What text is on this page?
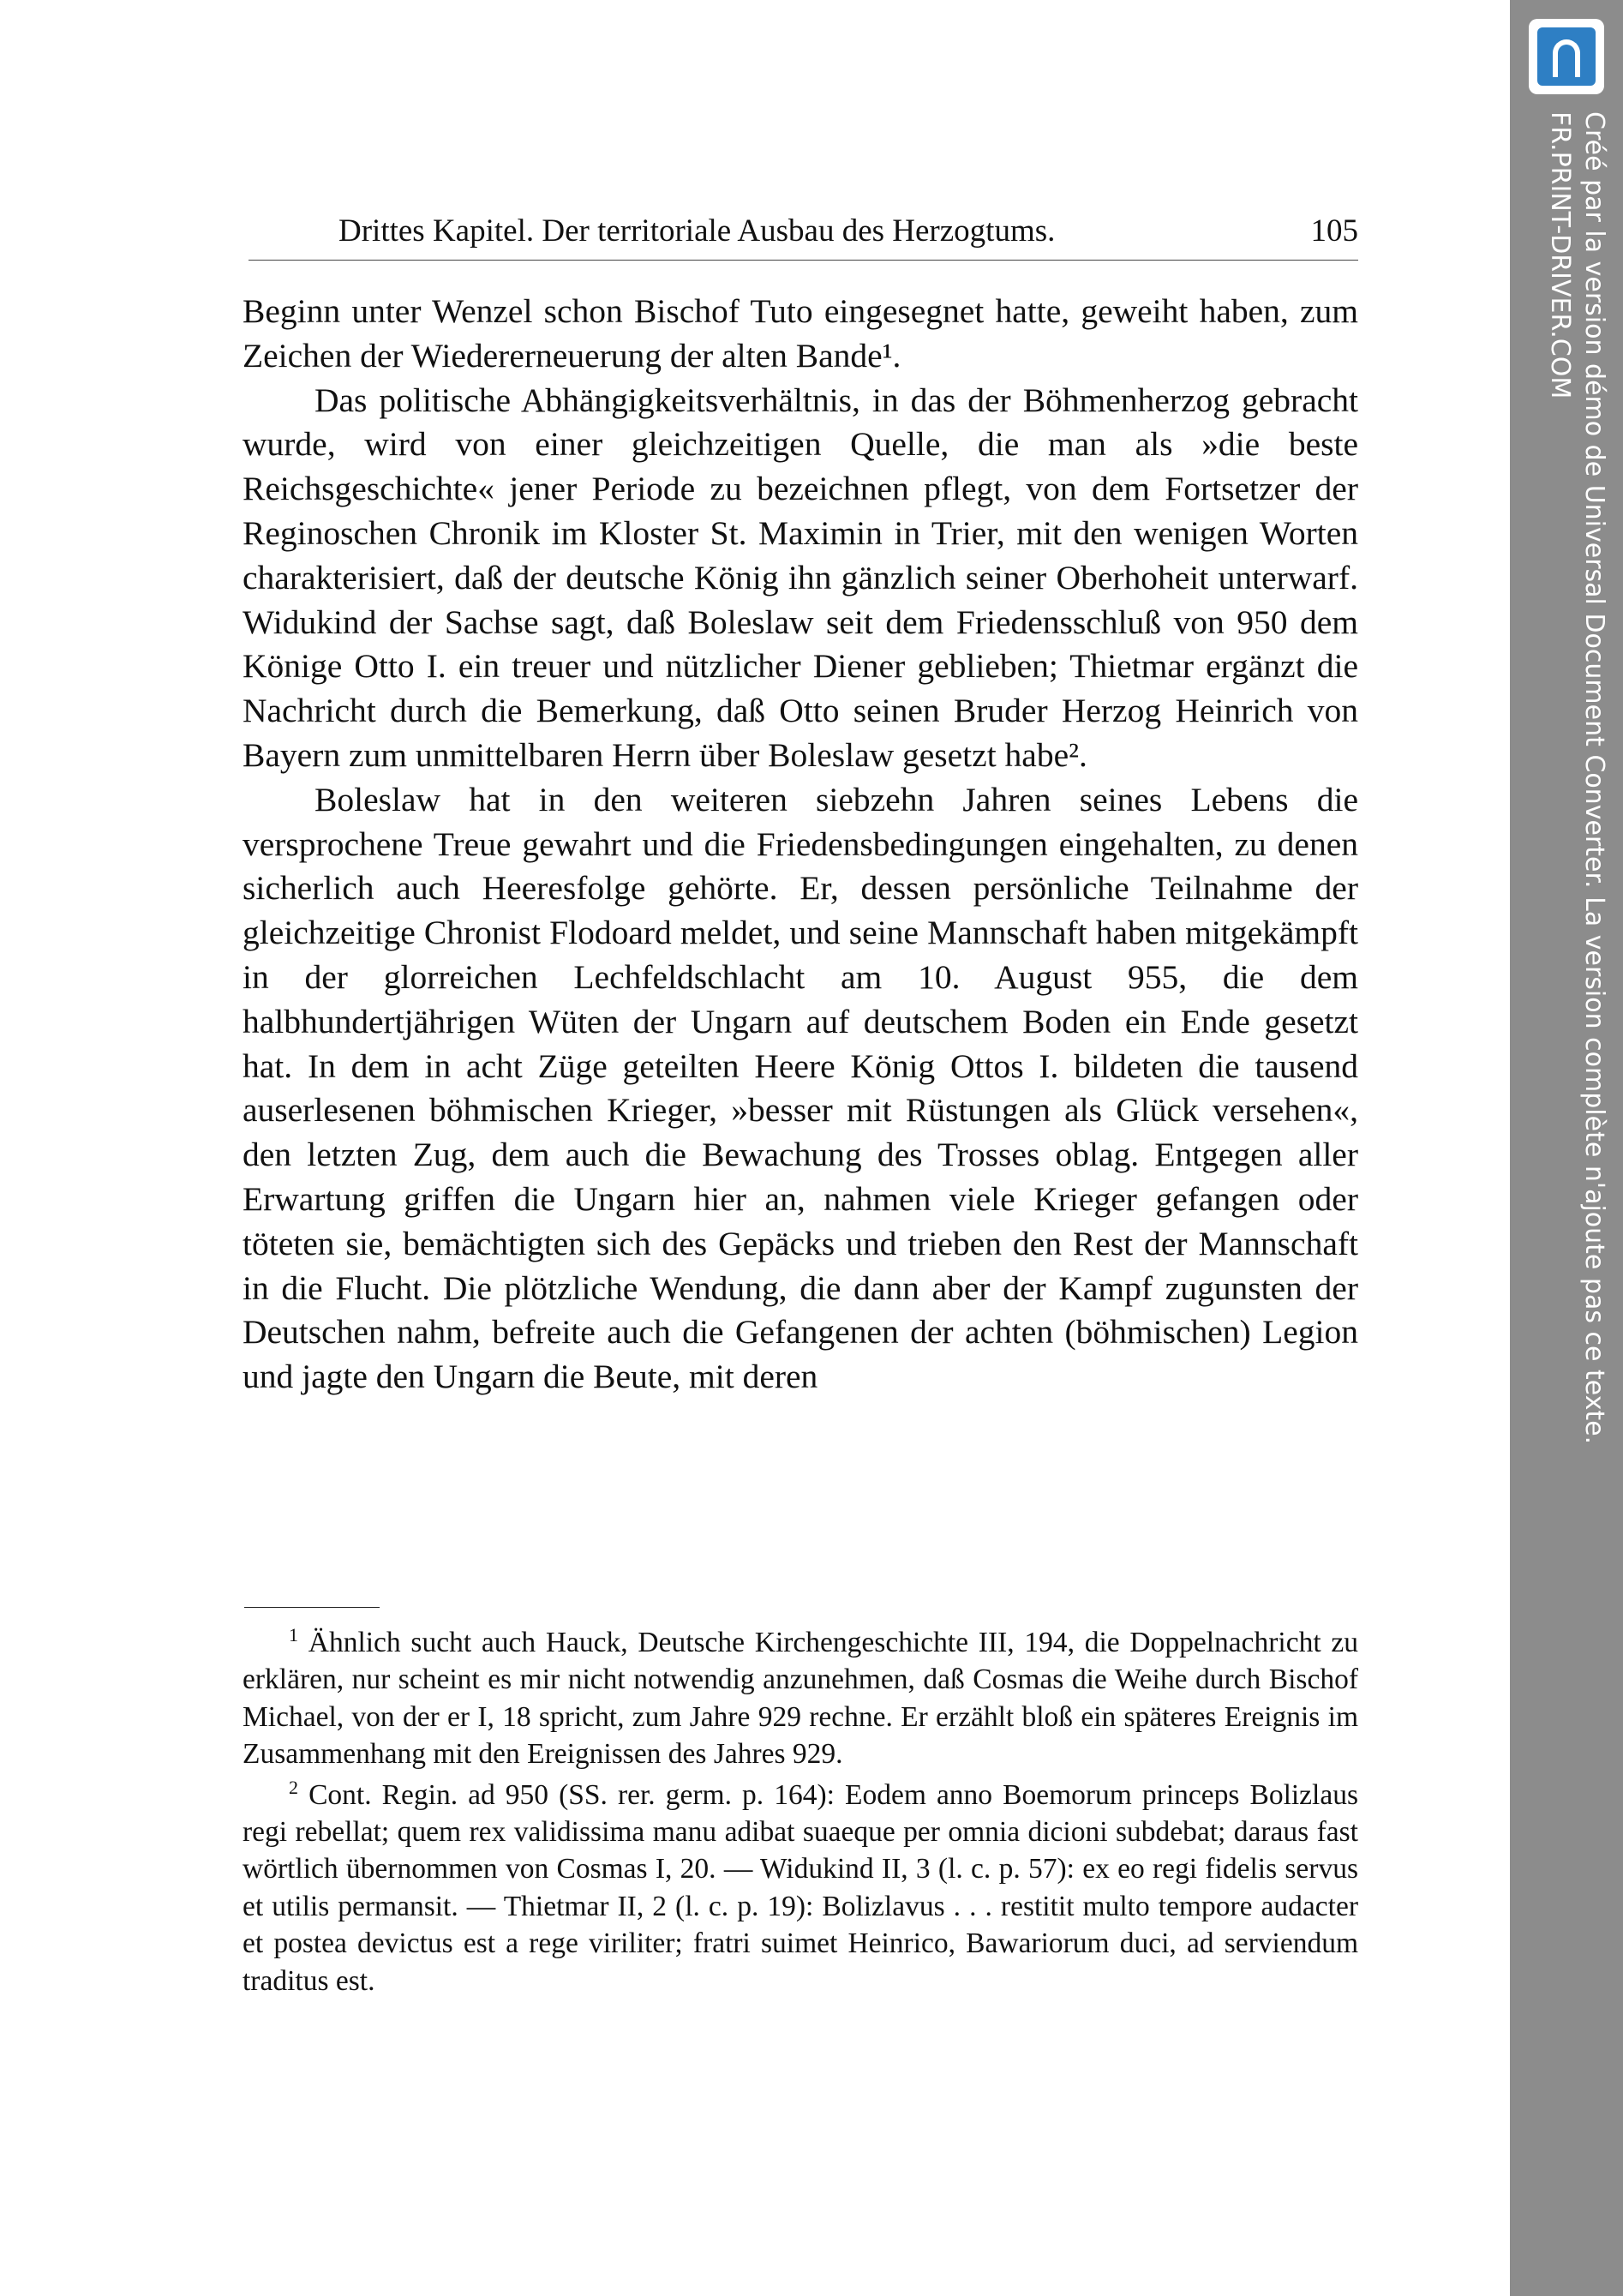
Drittes Kapitel. Der territoriale Ausbau des Herzogtums.	105

Beginn unter Wenzel schon Bischof Tuto eingesegnet hatte, geweiht haben, zum Zeichen der Wiedererneuerung der alten Bande¹.

Das politische Abhängigkeitsverhältnis, in das der Böhmenherzog gebracht wurde, wird von einer gleichzeitigen Quelle, die man als »die beste Reichsgeschichte« jener Periode zu bezeichnen pflegt, von dem Fortsetzer der Reginoschen Chronik im Kloster St. Maximin in Trier, mit den wenigen Worten charakterisiert, daß der deutsche König ihn gänzlich seiner Oberhoheit unterwarf. Widukind der Sachse sagt, daß Boleslaw seit dem Friedensschluß von 950 dem Könige Otto I. ein treuer und nützlicher Diener geblieben; Thietmar ergänzt die Nachricht durch die Bemerkung, daß Otto seinen Bruder Herzog Heinrich von Bayern zum unmittelbaren Herrn über Boleslaw gesetzt habe².

Boleslaw hat in den weiteren siebzehn Jahren seines Lebens die versprochene Treue gewahrt und die Friedensbedingungen eingehalten, zu denen sicherlich auch Heeresfolge gehörte. Er, dessen persönliche Teilnahme der gleichzeitige Chronist Flodoard meldet, und seine Mannschaft haben mitgekämpft in der glorreichen Lechfeldschlacht am 10. August 955, die dem halbhundertjährigen Wüten der Ungarn auf deutschem Boden ein Ende gesetzt hat. In dem in acht Züge geteilten Heere König Ottos I. bildeten die tausend auserlesenen böhmischen Krieger, »besser mit Rüstungen als Glück versehen«, den letzten Zug, dem auch die Bewachung des Trosses oblag. Entgegen aller Erwartung griffen die Ungarn hier an, nahmen viele Krieger gefangen oder töteten sie, bemächtigten sich des Gepäcks und trieben den Rest der Mannschaft in die Flucht. Die plötzliche Wendung, die dann aber der Kampf zugunsten der Deutschen nahm, befreite auch die Gefangenen der achten (böhmischen) Legion und jagte den Ungarn die Beute, mit deren

$^1$ Ähnlich sucht auch Hauck, Deutsche Kirchengeschichte III, 194, die Doppelnachricht zu erklären, nur scheint es mir nicht notwendig anzunehmen, daß Cosmas die Weihe durch Bischof Michael, von der er I, 18 spricht, zum Jahre 929 rechne. Er erzählt bloß ein späteres Ereignis im Zusammenhang mit den Ereignissen des Jahres 929.

$^2$ Cont. Regin. ad 950 (SS. rer. germ. p. 164): Eodem anno Boemorum princeps Bolizlaus regi rebellat; quem rex validissima manu adibat suaeque per omnia dicioni subdebat; daraus fast wörtlich übernommen von Cosmas I, 20. — Widukind II, 3 (l. c. p. 57): ex eo regi fidelis servus et utilis permansit. — Thietmar II, 2 (l. c. p. 19): Bolizlavus . . . restitit multo tempore audacter et postea devictus est a rege viriliter; fratri suimet Heinrico, Bawariorum duci, ad serviendum traditus est.

Créé par la version démo de Universal Document Converter. La version complète n'ajoute pas ce texte.
FR.PRINT-DRIVER.COM
